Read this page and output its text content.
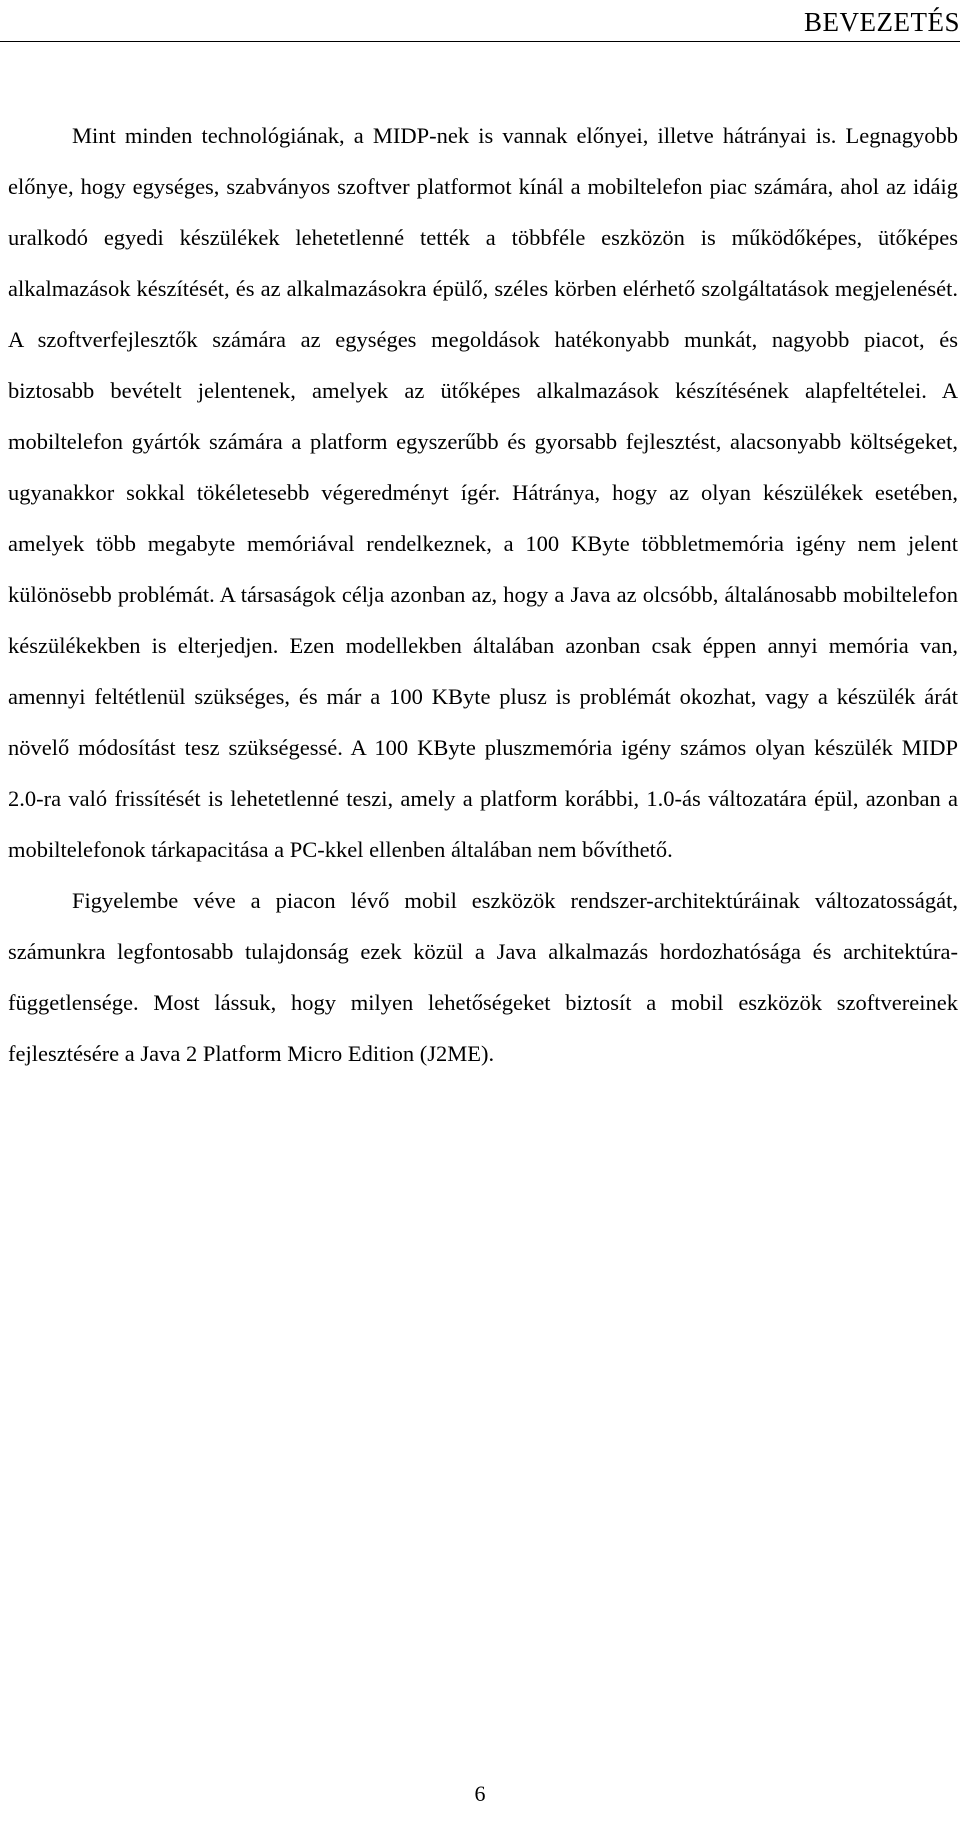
BEVEZETÉS

Mint minden technológiának, a MIDP-nek is vannak előnyei, illetve hátrányai is. Legnagyobb előnye, hogy egységes, szabványos szoftver platformot kínál a mobiltelefon piac számára, ahol az idáig uralkodó egyedi készülékek lehetetlenné tették a többféle eszközön is működőképes, ütőképes alkalmazások készítését, és az alkalmazásokra épülő, széles körben elérhető szolgáltatások megjelenését. A szoftverfejlesztők számára az egységes megoldások hatékonyabb munkát, nagyobb piacot, és biztosabb bevételt jelentenek, amelyek az ütőképes alkalmazások készítésének alapfeltételei. A mobiltelefon gyártók számára a platform egyszerűbb és gyorsabb fejlesztést, alacsonyabb költségeket, ugyanakkor sokkal tökéletesebb végeredményt ígér. Hátránya, hogy az olyan készülékek esetében, amelyek több megabyte memóriával rendelkeznek, a 100 KByte többletmemória igény nem jelent különösebb problémát. A társaságok célja azonban az, hogy a Java az olcsóbb, általánosabb mobiltelefon készülékekben is elterjedjen. Ezen modellekben általában azonban csak éppen annyi memória van, amennyi feltétlenül szükséges, és már a 100 KByte plusz is problémát okozhat, vagy a készülék árát növelő módosítást tesz szükségessé. A 100 KByte pluszmemória igény számos olyan készülék MIDP 2.0-ra való frissítését is lehetetlenné teszi, amely a platform korábbi, 1.0-ás változatára épül, azonban a mobiltelefonok tárkapacitása a PC-kkel ellenben általában nem bővíthető.

Figyelembe véve a piacon lévő mobil eszközök rendszer-architektúráinak változatosságát, számunkra legfontosabb tulajdonság ezek közül a Java alkalmazás hordozhatósága és architektúra-függetlensége. Most lássuk, hogy milyen lehetőségeket biztosít a mobil eszközök szoftvereinek fejlesztésére a Java 2 Platform Micro Edition (J2ME).

6
